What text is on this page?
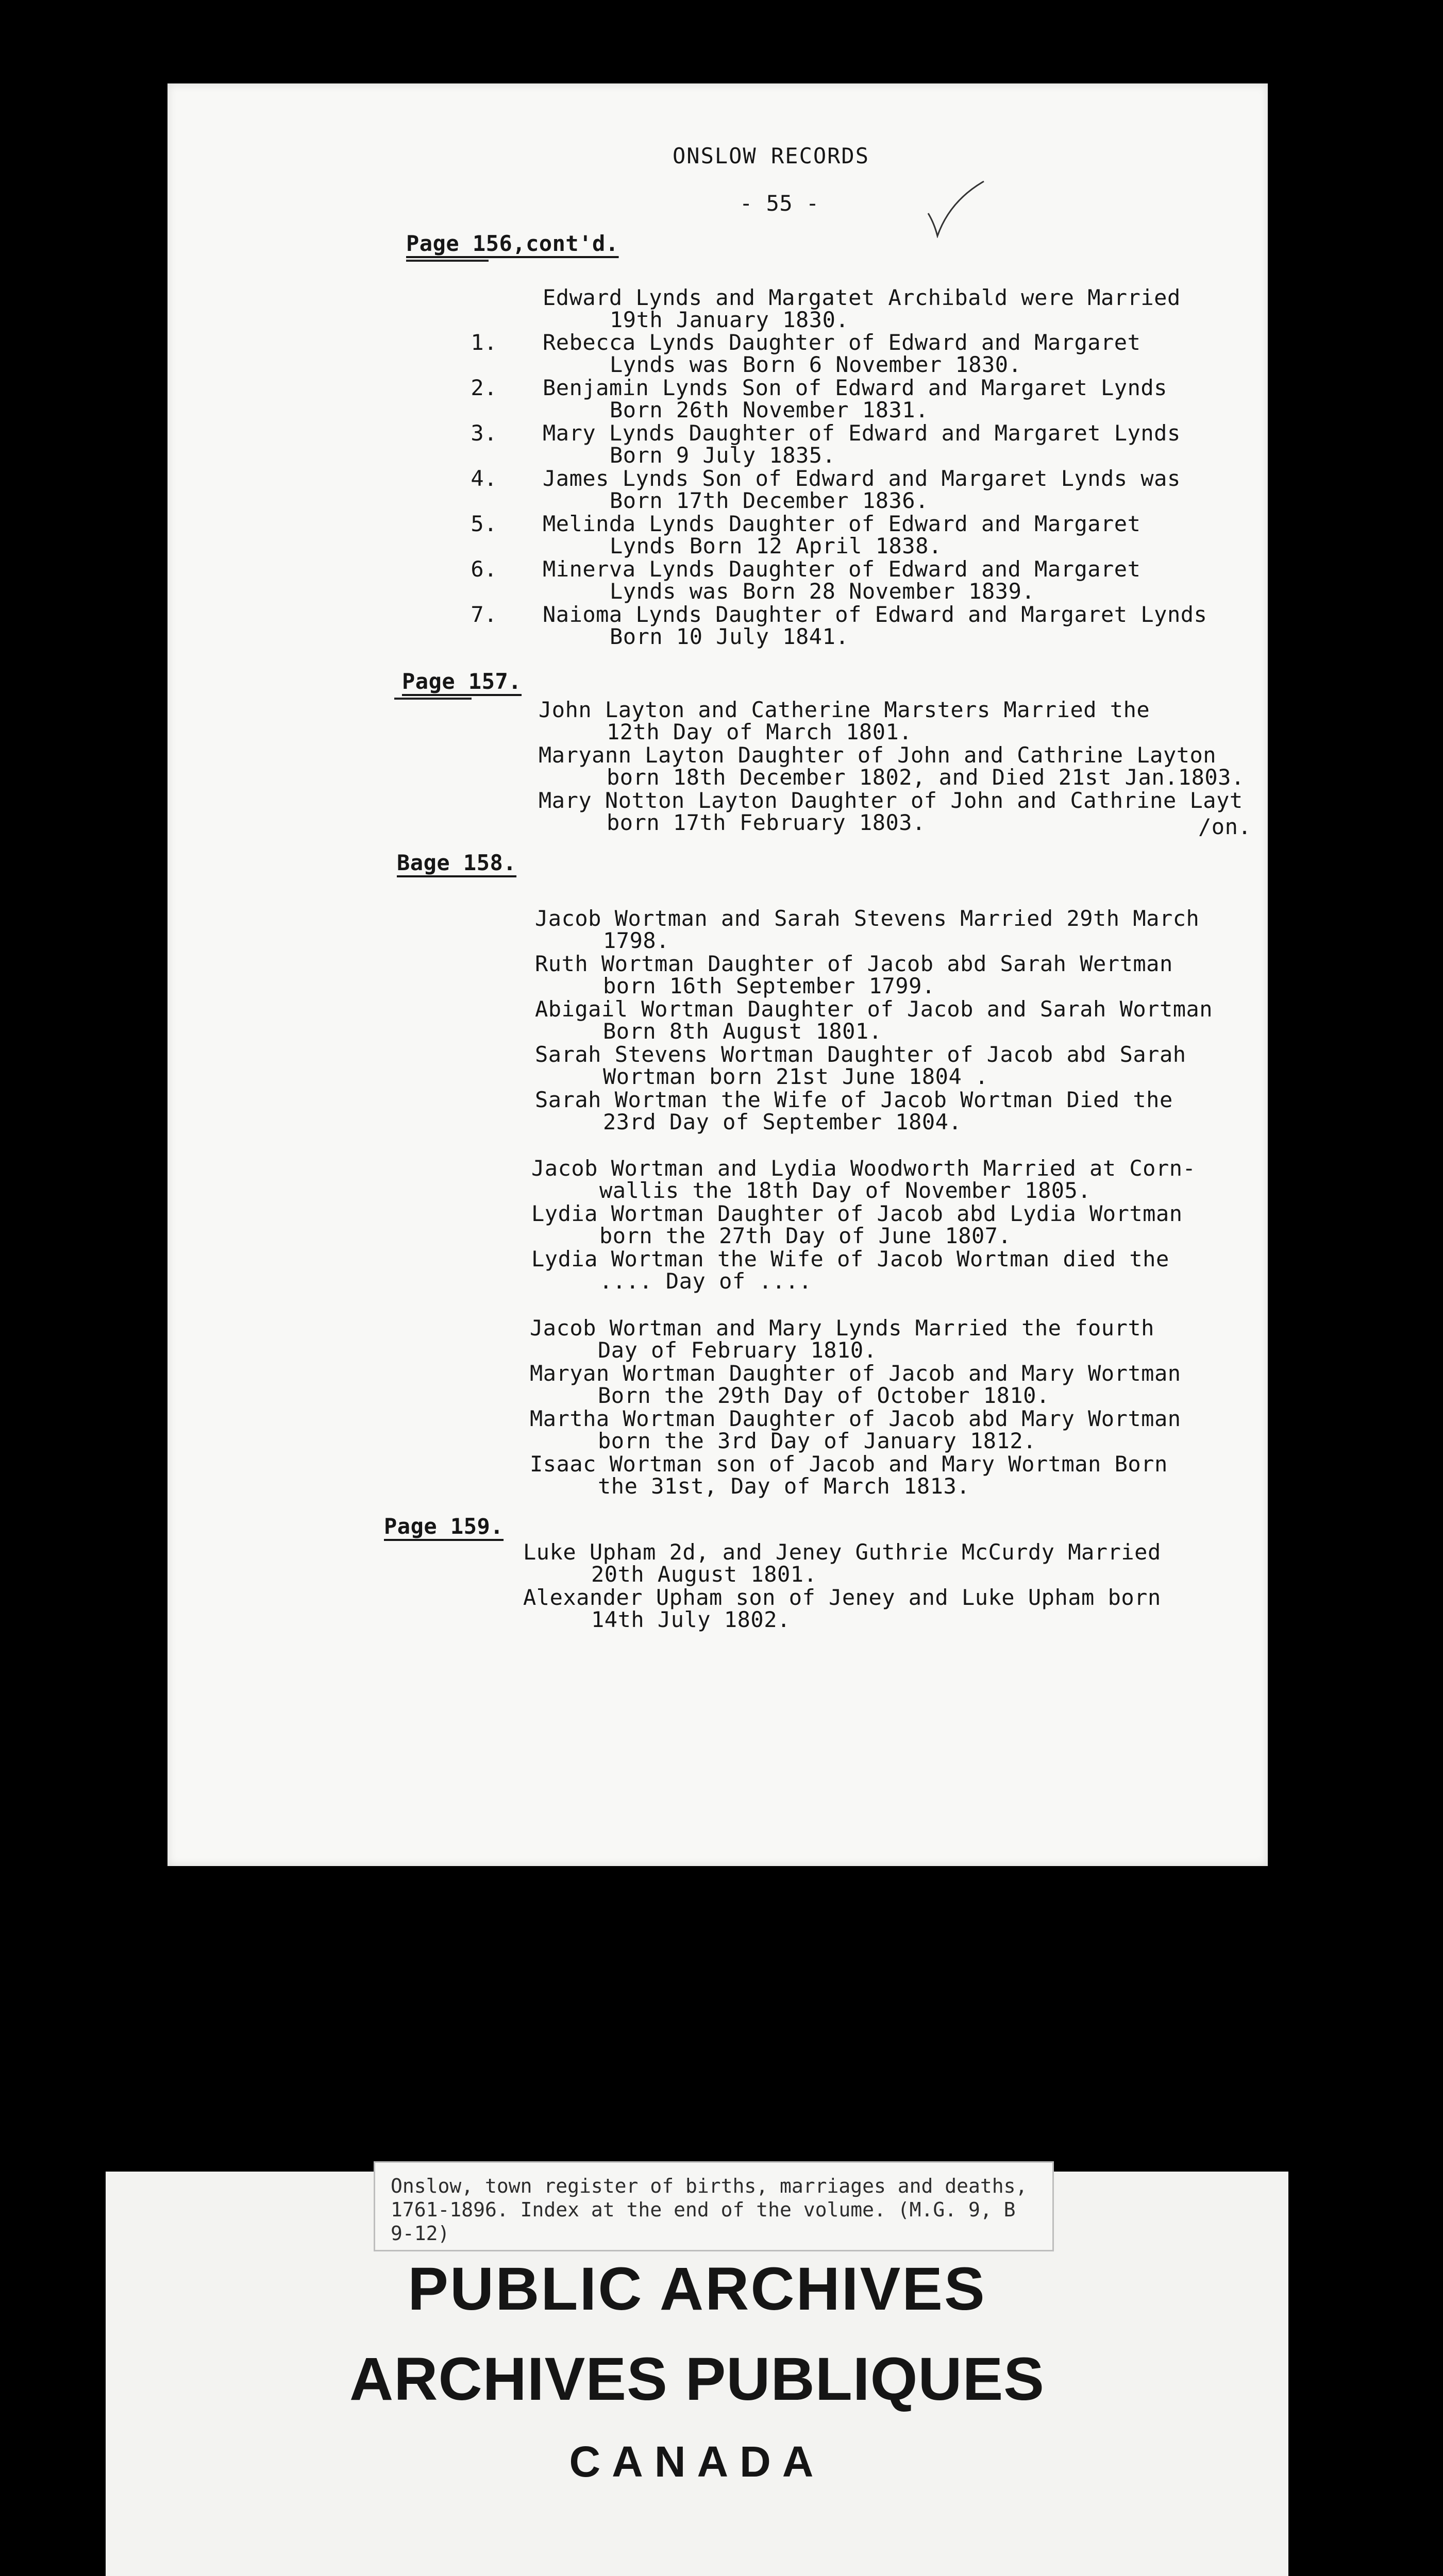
ONSLOW RECORDS
- 55 -
Page 156,cont'd.
Edward Lynds and Margatet Archibald were Married
19th January 1830.
1. Rebecca Lynds Daughter of Edward and Margaret
Lynds was Born 6 November 1830.
2. Benjamin Lynds Son of Edward and Margaret Lynds
Born 26th November 1831.
3. Mary Lynds Daughter of Edward and Margaret Lynds
Born 9 July 1835.
4. James Lynds Son of Edward and Margaret Lynds was
Born 17th December 1836.
5. Melinda Lynds Daughter of Edward and Margaret
Lynds Born 12 April 1838.
6. Minerva Lynds Daughter of Edward and Margaret
Lynds was Born 28 November 1839.
7. Naioma Lynds Daughter of Edward and Margaret Lynds
Born 10 July 1841.
Page 157.
John Layton and Catherine Marsters Married the
12th Day of March 1801.
Maryann Layton Daughter of John and Cathrine Layton
born 18th December 1802, and Died 21st Jan.1803.
Mary Notton Layton Daughter of John and Cathrine Layt
born 17th February 1803.	/on.
Bage 158.
Jacob Wortman and Sarah Stevens Married 29th March
1798.
Ruth Wortman Daughter of Jacob abd Sarah Wertman
born 16th September 1799.
Abigail Wortman Daughter of Jacob and Sarah Wortman
Born 8th August 1801.
Sarah Stevens Wortman Daughter of Jacob abd Sarah
Wortman born 21st June 1804 .
Sarah Wortman the Wife of Jacob Wortman Died the
23rd Day of September 1804.
Jacob Wortman and Lydia Woodworth Married at Corn-
wallis the 18th Day of November 1805.
Lydia Wortman Daughter of Jacob abd Lydia Wortman
born the 27th Day of June 1807.
Lydia Wortman the Wife of Jacob Wortman died the
.... Day of ....
Jacob Wortman and Mary Lynds Married the fourth
Day of February 1810.
Maryan Wortman Daughter of Jacob and Mary Wortman
Born the 29th Day of October 1810.
Martha Wortman Daughter of Jacob abd Mary Wortman
born the 3rd Day of January 1812.
Isaac Wortman son of Jacob and Mary Wortman Born
the 31st, Day of March 1813.
Page 159.
Luke Upham 2d, and Jeney Guthrie McCurdy Married
20th August 1801.
Alexander Upham son of Jeney and Luke Upham born
14th July 1802.
PUBLIC ARCHIVES
ARCHIVES PUBLIQUES
CANADA

Onslow, town register of births, marriages and deaths, 1761-1896. Index at the end of the volume. (M.G. 9, B 9-12)
